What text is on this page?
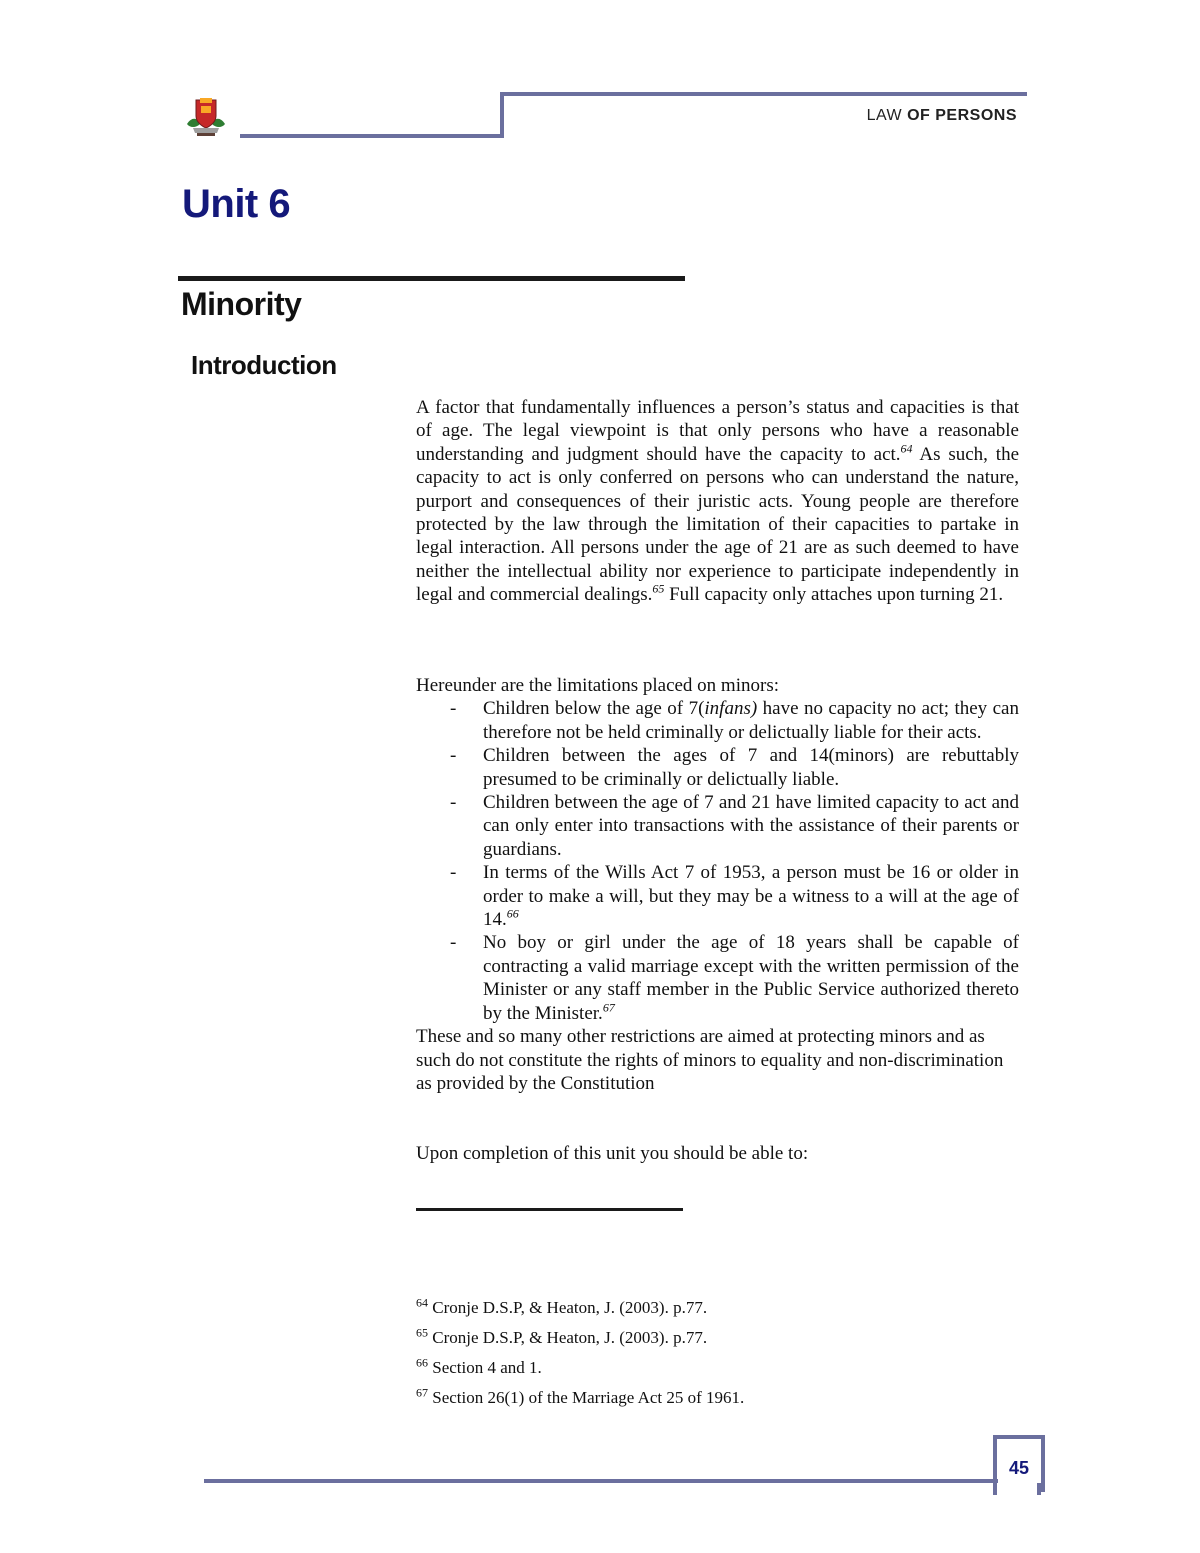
LAW OF PERSONS
Unit 6
Minority
Introduction
A factor that fundamentally influences a person’s status and capacities is that of age. The legal viewpoint is that only persons who have a reasonable understanding and judgment should have the capacity to act.$^{64}$ As such, the capacity to act is only conferred on persons who can understand the nature, purport and consequences of their juristic acts. Young people are therefore protected by the law through the limitation of their capacities to partake in legal interaction. All persons under the age of 21 are as such deemed to have neither the intellectual ability nor experience to participate independently in legal and commercial dealings.$^{65}$ Full capacity only attaches upon turning 21.

Hereunder are the limitations placed on minors:

- Children below the age of 7(infans) have no capacity no act; they can therefore not be held criminally or delictually liable for their acts.
- Children between the ages of 7 and 14(minors) are rebuttably presumed to be criminally or delictually liable.
- Children between the age of 7 and 21 have limited capacity to act and can only enter into transactions with the assistance of their parents or guardians.
- In terms of the Wills Act 7 of 1953, a person must be 16 or older in order to make a will, but they may be a witness to a will at the age of 14.66
- No boy or girl under the age of 18 years shall be capable of contracting a valid marriage except with the written permission of the Minister or any staff member in the Public Service authorized thereto by the Minister.$^{67}$

These and so many other restrictions are aimed at protecting minors and as such do not constitute the rights of minors to equality and non-discrimination as provided by the Constitution

Upon completion of this unit you should be able to:
$^{64}$ Cronje D.S.P, & Heaton, J. (2003). p.77.
$^{65}$ Cronje D.S.P, & Heaton, J. (2003). p.77.
$^{66}$ Section 4 and 1.
$^{67}$ Section 26(1) of the Marriage Act 25 of 1961.
45
